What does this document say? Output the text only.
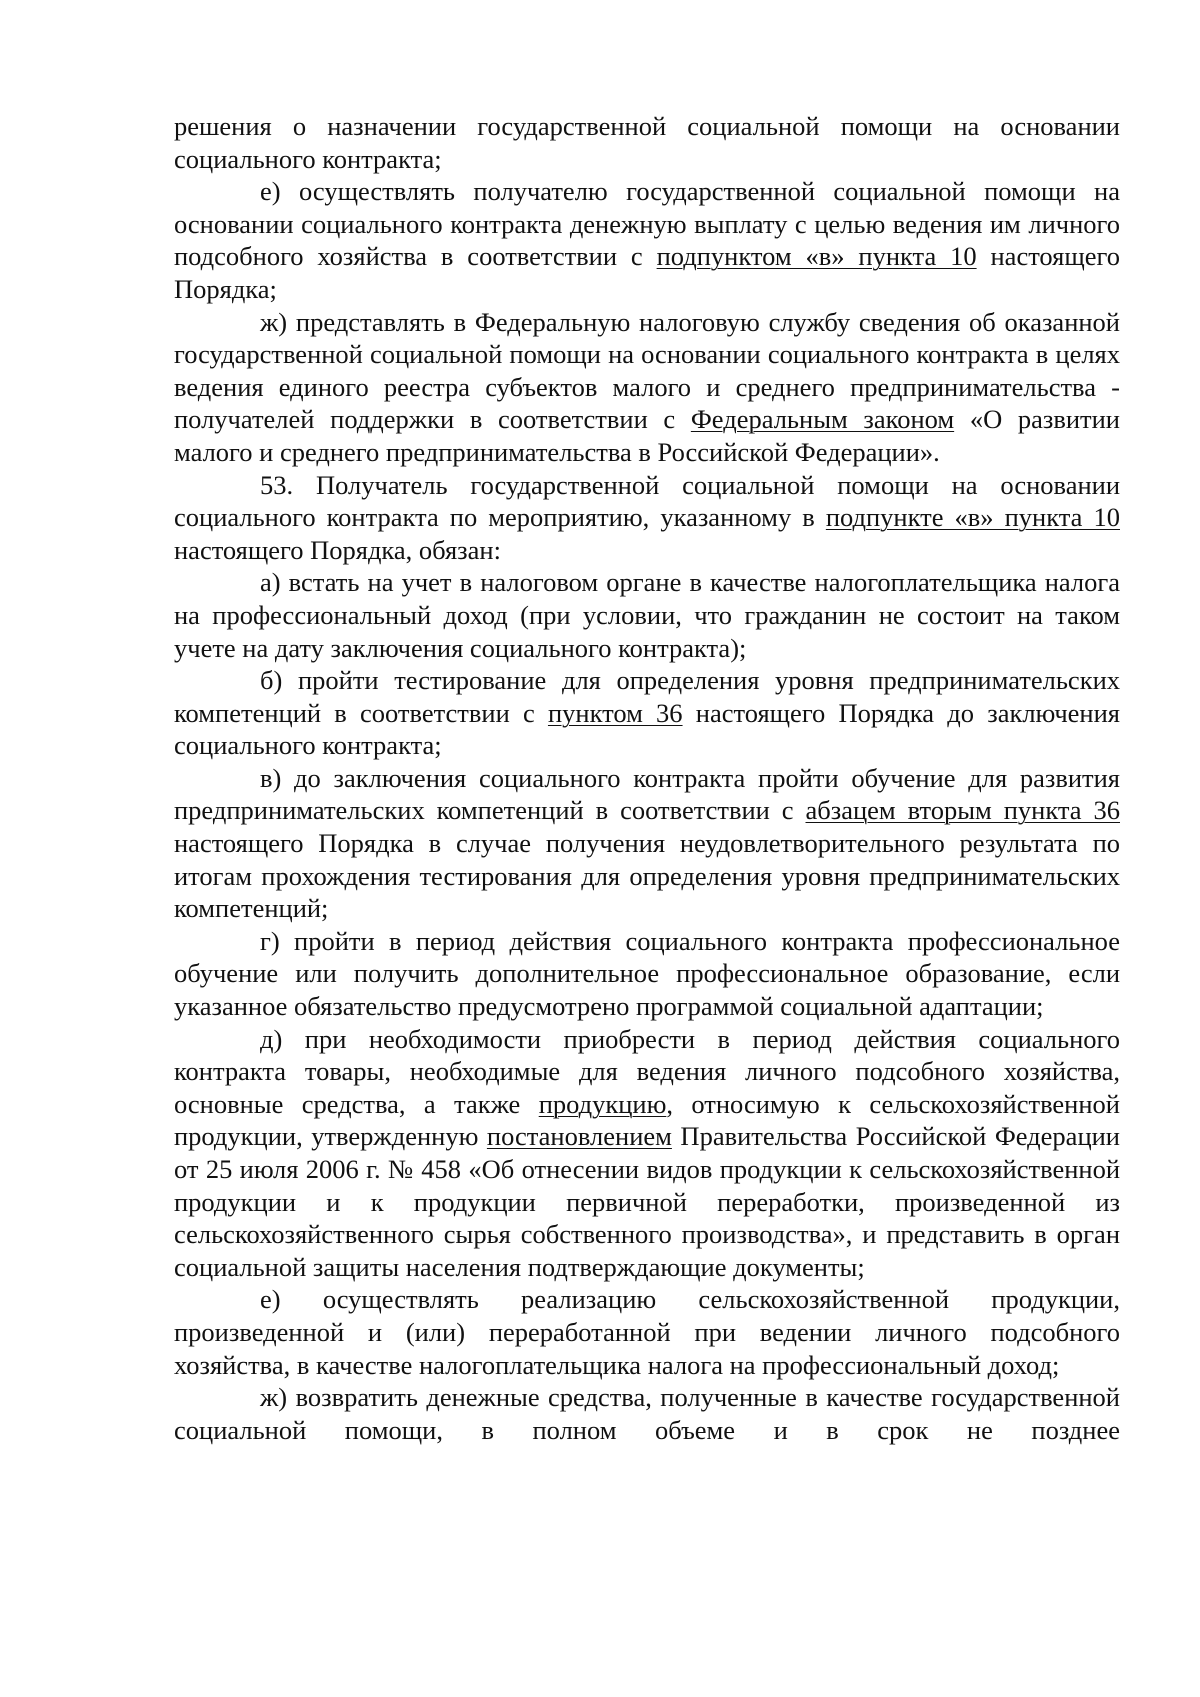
решения о назначении государственной социальной помощи на основании социального контракта;

е) осуществлять получателю государственной социальной помощи на основании социального контракта денежную выплату с целью ведения им личного подсобного хозяйства в соответствии с подпунктом «в» пункта 10 настоящего Порядка;

ж) представлять в Федеральную налоговую службу сведения об оказанной государственной социальной помощи на основании социального контракта в целях ведения единого реестра субъектов малого и среднего предпринимательства - получателей поддержки в соответствии с Федеральным законом «О развитии малого и среднего предпринимательства в Российской Федерации».

53. Получатель государственной социальной помощи на основании социального контракта по мероприятию, указанному в подпункте «в» пункта 10 настоящего Порядка, обязан:

а) встать на учет в налоговом органе в качестве налогоплательщика налога на профессиональный доход (при условии, что гражданин не состоит на таком учете на дату заключения социального контракта);

б) пройти тестирование для определения уровня предпринимательских компетенций в соответствии с пунктом 36 настоящего Порядка до заключения социального контракта;

в) до заключения социального контракта пройти обучение для развития предпринимательских компетенций в соответствии с абзацем вторым пункта 36 настоящего Порядка в случае получения неудовлетворительного результата по итогам прохождения тестирования для определения уровня предпринимательских компетенций;

г) пройти в период действия социального контракта профессиональное обучение или получить дополнительное профессиональное образование, если указанное обязательство предусмотрено программой социальной адаптации;

д) при необходимости приобрести в период действия социального контракта товары, необходимые для ведения личного подсобного хозяйства, основные средства, а также продукцию, относимую к сельскохозяйственной продукции, утвержденную постановлением Правительства Российской Федерации от 25 июля 2006 г. № 458 «Об отнесении видов продукции к сельскохозяйственной продукции и к продукции первичной переработки, произведенной из сельскохозяйственного сырья собственного производства», и представить в орган социальной защиты населения подтверждающие документы;

е) осуществлять реализацию сельскохозяйственной продукции, произведенной и (или) переработанной при ведении личного подсобного хозяйства, в качестве налогоплательщика налога на профессиональный доход;

ж) возвратить денежные средства, полученные в качестве государственной социальной помощи, в полном объеме и в срок не позднее
